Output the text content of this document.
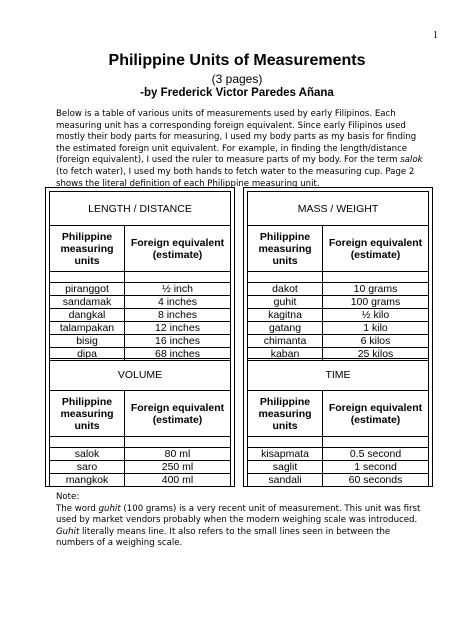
1
Philippine Units of Measurements
(3 pages)
-by Frederick Victor Paredes Añana
Below is a table of various units of measurements used by early Filipinos. Each measuring unit has a corresponding foreign equivalent. Since early Filipinos used mostly their body parts for measuring, I used my body parts as my basis for finding the estimated foreign unit equivalent. For example, in finding the length/distance (foreign equivalent), I used the ruler to measure parts of my body. For the term salok (to fetch water), I used my both hands to fetch water to the measuring cup. Page 2 shows the literal definition of each Philippine measuring unit.
LENGTH / DISTANCE	
Philippine measuring units	Foreign equivalent (estimate)

piranggot	½ inch
sandamak	4 inches
dangkal	8 inches
talampakan	12 inches
bisig	16 inches
dipa	68 inches
MASS / WEIGHT	
Philippine measuring units	Foreign equivalent (estimate)

dakot	10 grams
guhit	100 grams
kagitna	½ kilo
gatang	1 kilo
chimanta	6 kilos
kaban	25 kilos
VOLUME	
Philippine measuring units	Foreign equivalent (estimate)

salok	80 ml
saro	250 ml
mangkok	400 ml
TIME	
Philippine measuring units	Foreign equivalent (estimate)

kisapmata	0.5 second
saglit	1 second
sandali	60 seconds
Note:
The word guhit (100 grams) is a very recent unit of measurement. This unit was first used by market vendors probably when the modern weighing scale was introduced. Guhit literally means line. It also refers to the small lines seen in between the numbers of a weighing scale.
